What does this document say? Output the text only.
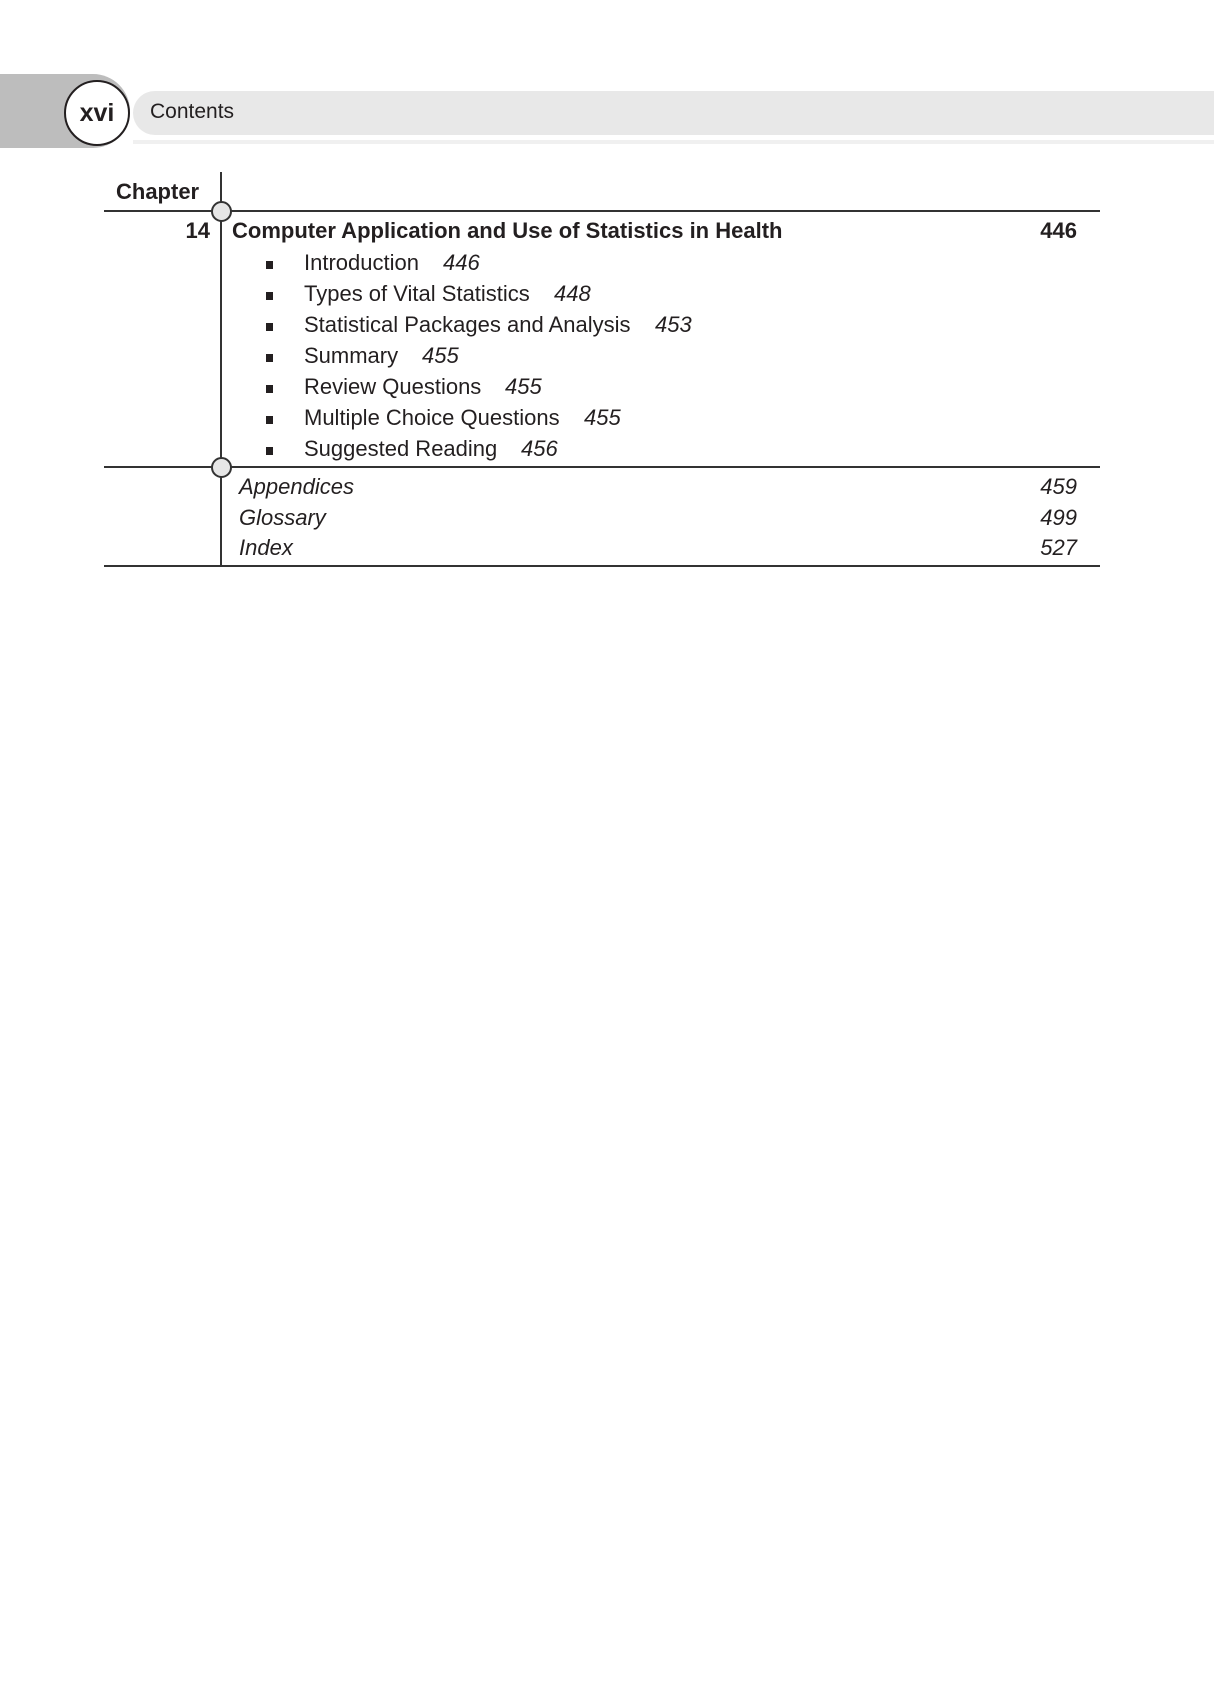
xvi	Contents
Chapter
14 Computer Application and Use of Statistics in Health	446
Introduction 446
Types of Vital Statistics 448
Statistical Packages and Analysis 453
Summary 455
Review Questions 455
Multiple Choice Questions 455
Suggested Reading 456
Appendices	459
Glossary	499
Index	527
